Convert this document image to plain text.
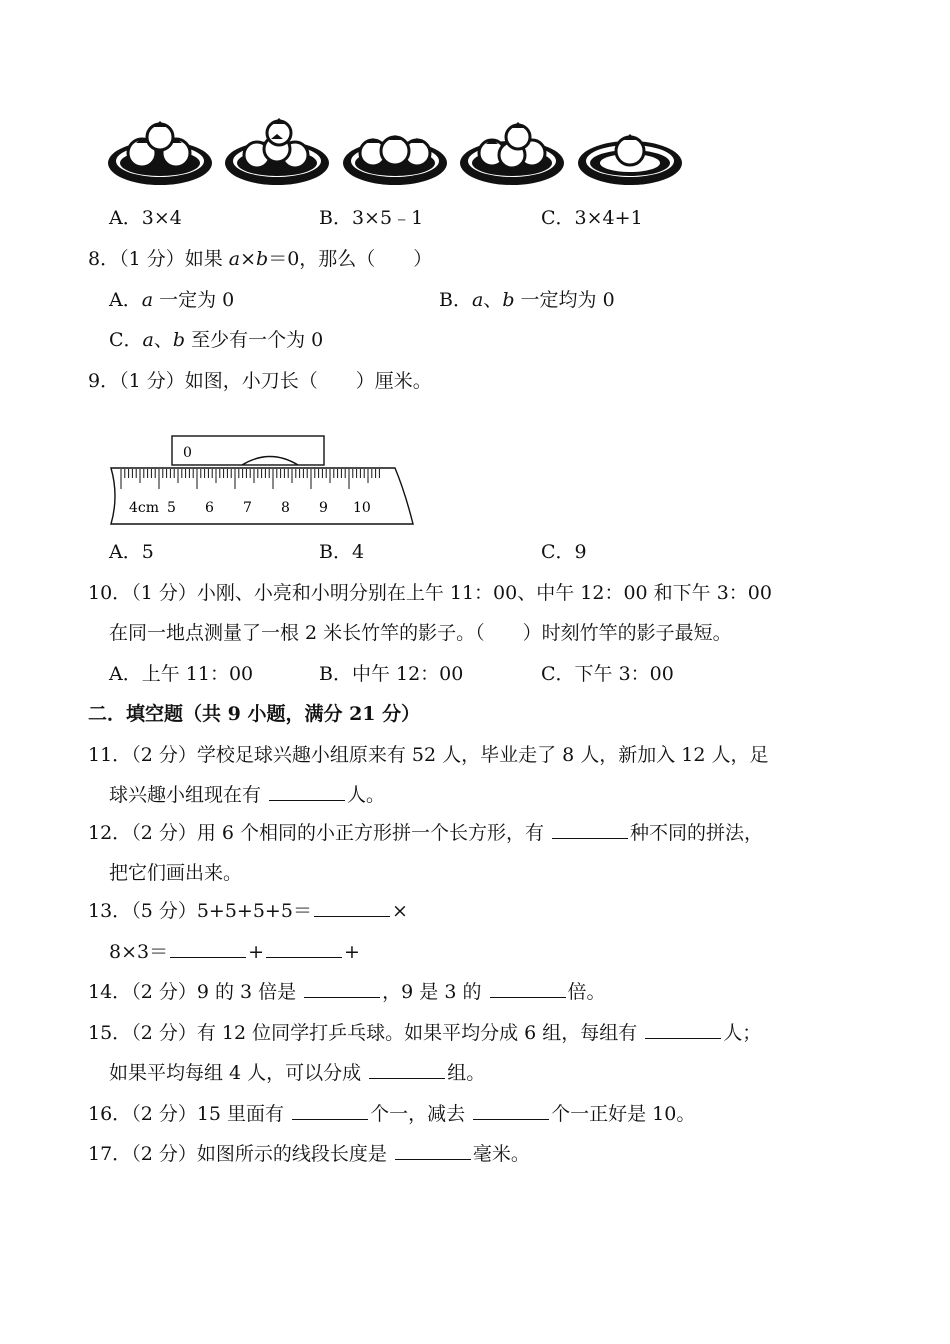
A．3×4	B．3×5﹣1	C．3×4+1
8．（1 分）如果 a×b＝0，那么（　　）
A．a 一定为 0	B．a、b 一定均为 0
C．a、b 至少有一个为 0
9．（1 分）如图，小刀长（　　）厘米。
0
4cm 5 6 7 8 9 10
A．5	B．4	C．9
10．（1 分）小刚、小亮和小明分别在上午 11：00、中午 12：00 和下午 3：00
在同一地点测量了一根 2 米长竹竿的影子。（　　）时刻竹竿的影子最短。
A．上午 11：00	B．中午 12：00	C．下午 3：00
二．填空题（共 9 小题，满分 21 分）
11．（2 分）学校足球兴趣小组原来有 52 人，毕业走了 8 人，新加入 12 人，足
球兴趣小组现在有	人。
12．（2 分）用 6 个相同的小正方形拼一个长方形，有	种不同的拼法，
把它们画出来。
13．（5 分）5+5+5+5＝	×
8×3＝	+	+
14．（2 分）9 的 3 倍是	，9 是 3 的	倍。
15．（2 分）有 12 位同学打乒乓球。如果平均分成 6 组，每组有	人；
如果平均每组 4 人，可以分成	组。
16．（2 分）15 里面有	个一，减去	个一正好是 10。
17．（2 分）如图所示的线段长度是	毫米。
